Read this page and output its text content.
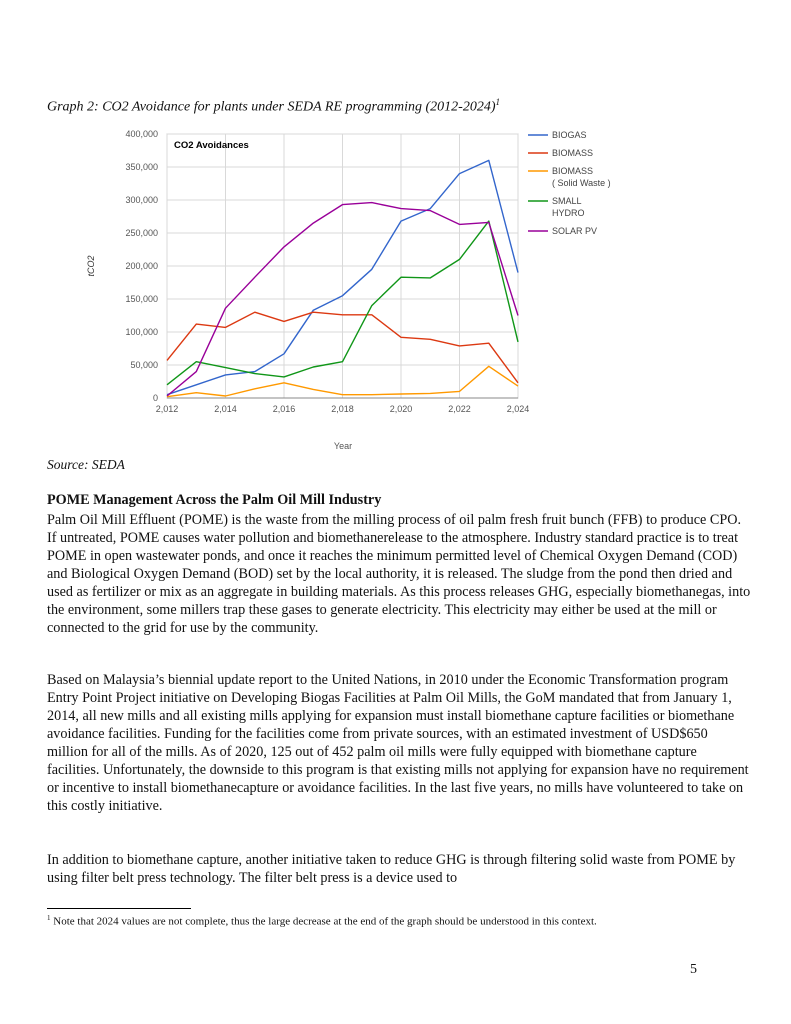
Graph 2: CO2 Avoidance for plants under SEDA RE programming (2012-2024)$^1$
0
50,000
100,000
150,000
200,000
250,000
300,000
350,000
400,000
2,012	2,014	2,016	2,018	2,020	2,022	2,024
CO2 Avoidances
tCO2
Year
BIOGAS
BIOMASS
BIOMASS
( Solid Waste )
SMALL
HYDRO
SOLAR PV
Source: SEDA
POME Management Across the Palm Oil Mill Industry

Palm Oil Mill Effluent (POME) is the waste from the milling process of oil palm fresh fruit bunch (FFB) to produce CPO. If untreated, POME causes water pollution and biomethanerelease to the atmosphere. Industry standard practice is to treat POME in open wastewater ponds, and once it reaches the minimum permitted level of Chemical Oxygen Demand (COD) and Biological Oxygen Demand (BOD) set by the local authority, it is released. The sludge from the pond then dried and used as fertilizer or mix as an aggregate in building materials. As this process releases GHG, especially biomethanegas, into the environment, some millers trap these gases to generate electricity. This electricity may either be used at the mill or connected to the grid for use by the community.

Based on Malaysia’s biennial update report to the United Nations, in 2010 under the Economic Transformation program Entry Point Project initiative on Developing Biogas Facilities at Palm Oil Mills, the GoM mandated that from January 1, 2014, all new mills and all existing mills applying for expansion must install biomethane capture facilities or biomethane avoidance facilities. Funding for the facilities come from private sources, with an estimated investment of USD$650 million for all of the mills. As of 2020, 125 out of 452 palm oil mills were fully equipped with biomethane capture facilities. Unfortunately, the downside to this program is that existing mills not applying for expansion have no requirement or incentive to install biomethanecapture or avoidance facilities. In the last five years, no mills have volunteered to take on this costly initiative.

In addition to biomethane capture, another initiative taken to reduce GHG is through filtering solid waste from POME by using filter belt press technology. The filter belt press is a device used to

$^1$ Note that 2024 values are not complete, thus the large decrease at the end of the graph should be understood in this context.
5
